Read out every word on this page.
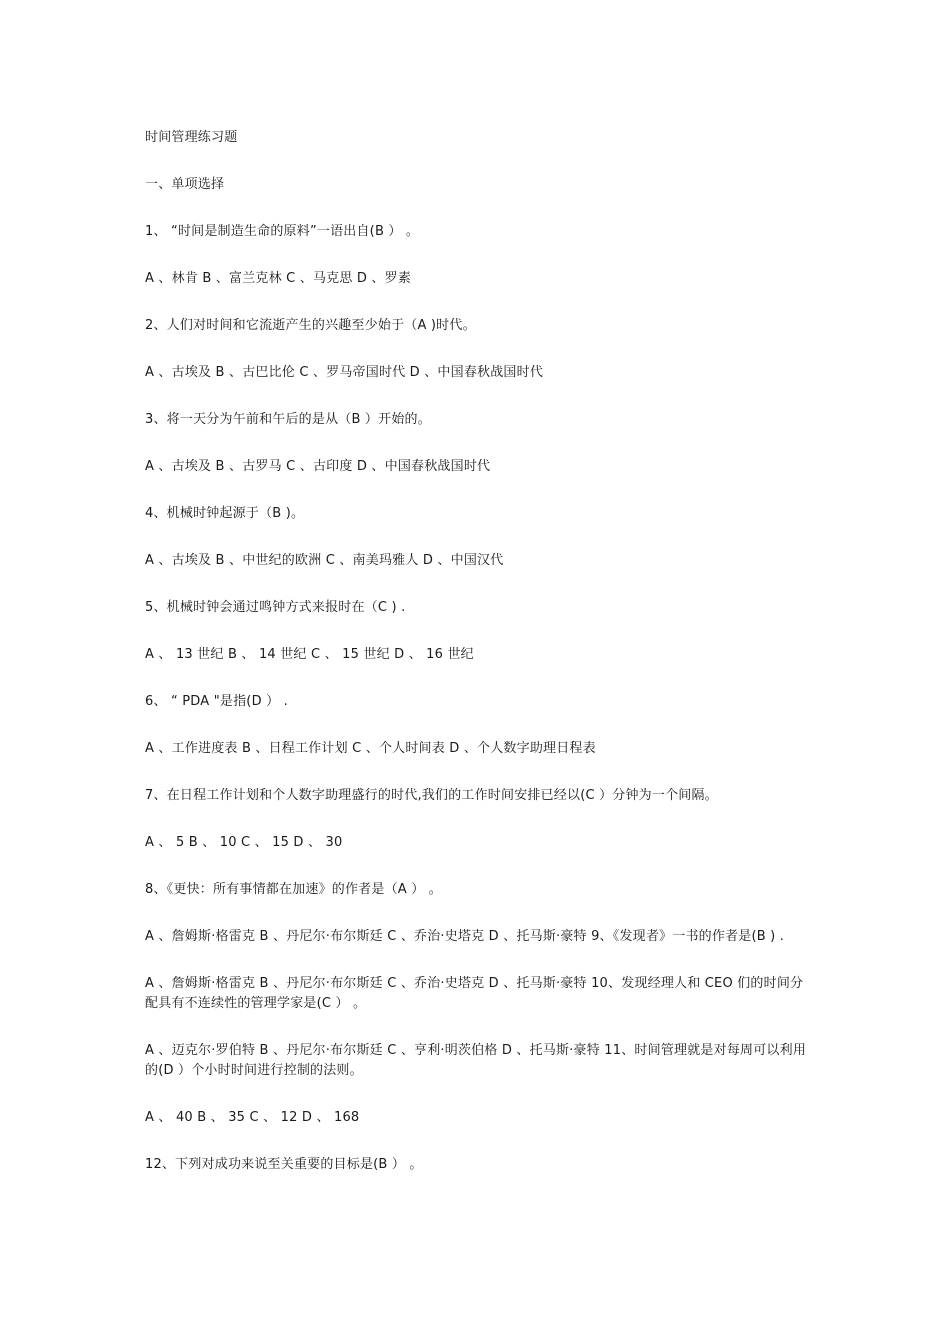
时间管理练习题

一、单项选择

1、 “时间是制造生命的原料”一语出自(B ） 。

A 、林肯 B 、富兰克林 C 、马克思 D 、罗素

2、人们对时间和它流逝产生的兴趣至少始于（A )时代。

A 、古埃及 B 、古巴比伦 C 、罗马帝国时代 D 、中国春秋战国时代

3、将一天分为午前和午后的是从（B ）开始的。

A 、古埃及 B 、古罗马 C 、古印度 D 、中国春秋战国时代

4、机械时钟起源于（B )。

A 、古埃及 B 、中世纪的欧洲 C 、南美玛雅人 D 、中国汉代

5、机械时钟会通过鸣钟方式来报时在（C ) .

A 、 13 世纪 B 、 14 世纪 C 、 15 世纪 D 、 16 世纪

6、 “ PDA "是指(D ） .

A 、工作进度表 B 、日程工作计划 C 、个人时间表 D 、个人数字助理日程表

7、在日程工作计划和个人数字助理盛行的时代,我们的工作时间安排已经以(C ）分钟为一个间隔。

A 、 5 B 、 10 C 、 15 D 、 30

8、《更快：所有事情都在加速》的作者是（A ） 。

A 、詹姆斯·格雷克 B 、丹尼尔·布尔斯廷 C 、乔治·史塔克 D 、托马斯·豪特 9、《发现者》一书的作者是(B ) .

A 、詹姆斯·格雷克 B 、丹尼尔·布尔斯廷 C 、乔治·史塔克 D 、托马斯·豪特 10、发现经理人和 CEO 们的时间分配具有不连续性的管理学家是(C ） 。

A 、迈克尔·罗伯特 B 、丹尼尔·布尔斯廷 C 、亨利·明茨伯格 D 、托马斯·豪特 11、时间管理就是对每周可以利用的(D ）个小时时间进行控制的法则。

A 、 40 B 、 35 C 、 12 D 、 168

12、下列对成功来说至关重要的目标是(B ） 。
